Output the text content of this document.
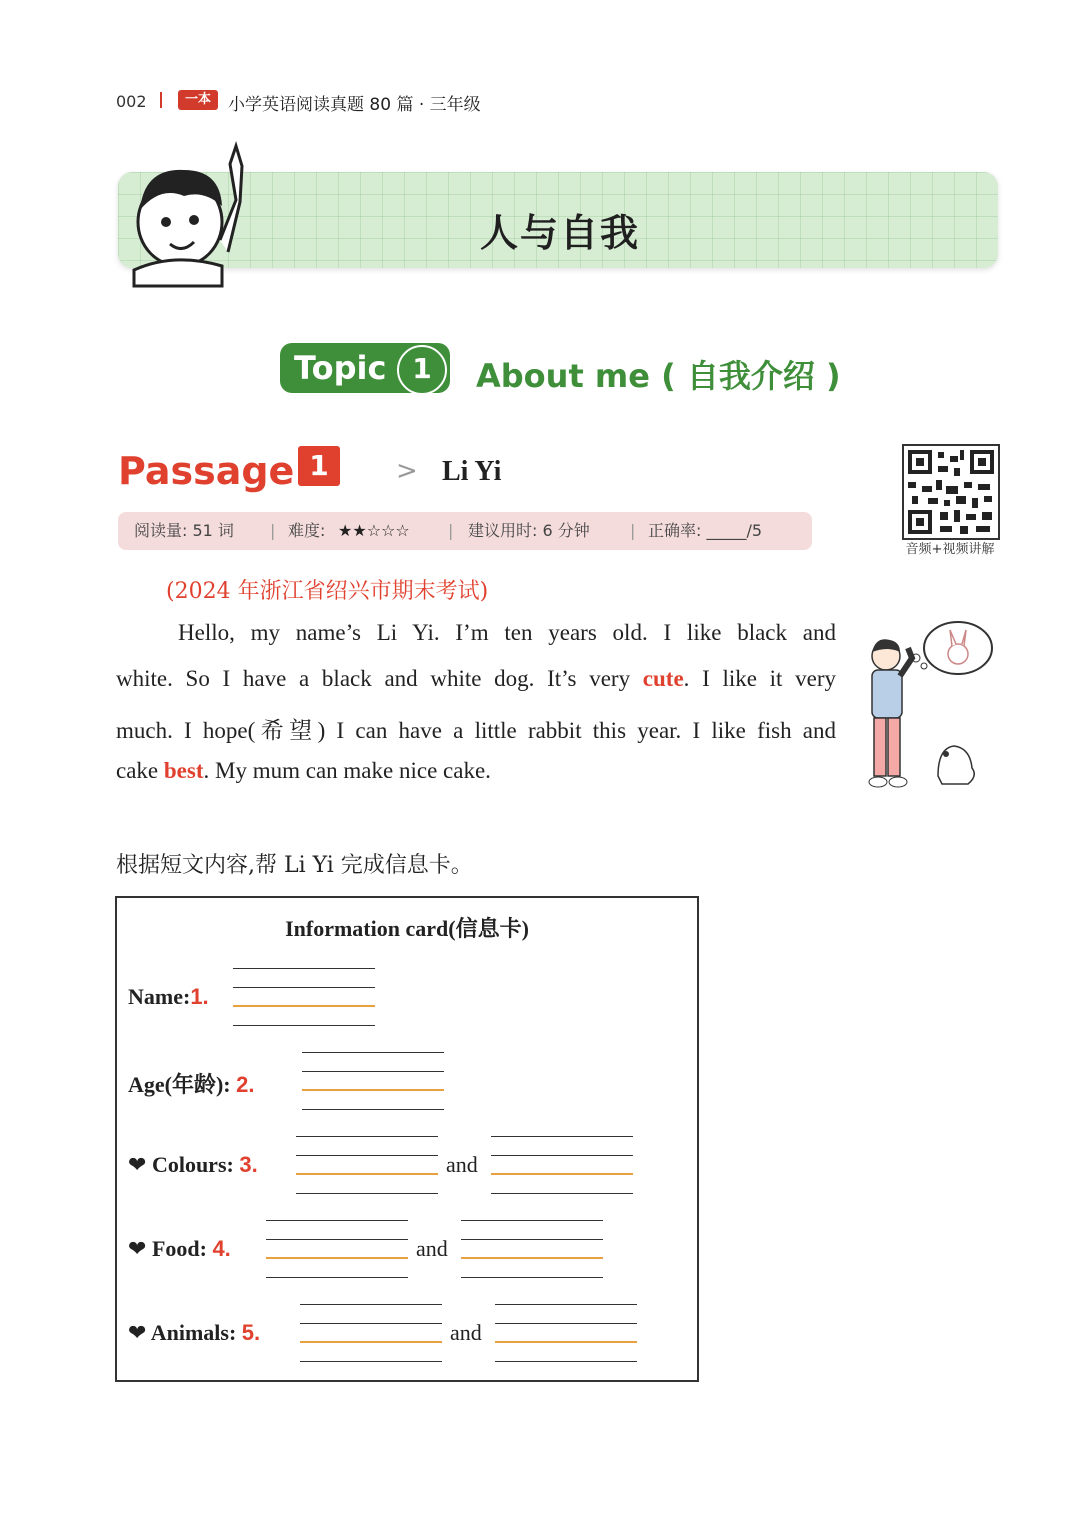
002	一本	小学英语阅读真题 80 篇 · 三年级
人与自我
Topic 1	About me ( 自我介绍 )
Passage 1	> Li Yi
阅读量: 51 词 | 难度: ★★☆☆☆ | 建议用时: 6 分钟	| 正确率: _____/5
音频+视频讲解
(2024 年浙江省绍兴市期末考试)
Hello, my name’s Li Yi. I’m ten years old. I like black and
white. So I have a black and white dog. It’s very cute. I like it very
much. I hope(希望) I can have a little rabbit this year. I like fish and
cake best. My mum can make nice cake.
根据短文内容,帮 Li Yi 完成信息卡。
Information card(信息卡)
Name:1.
Age(年龄): 2.
❤ Colours: 3.	and
❤ Food: 4.	and
❤ Animals: 5.	and
